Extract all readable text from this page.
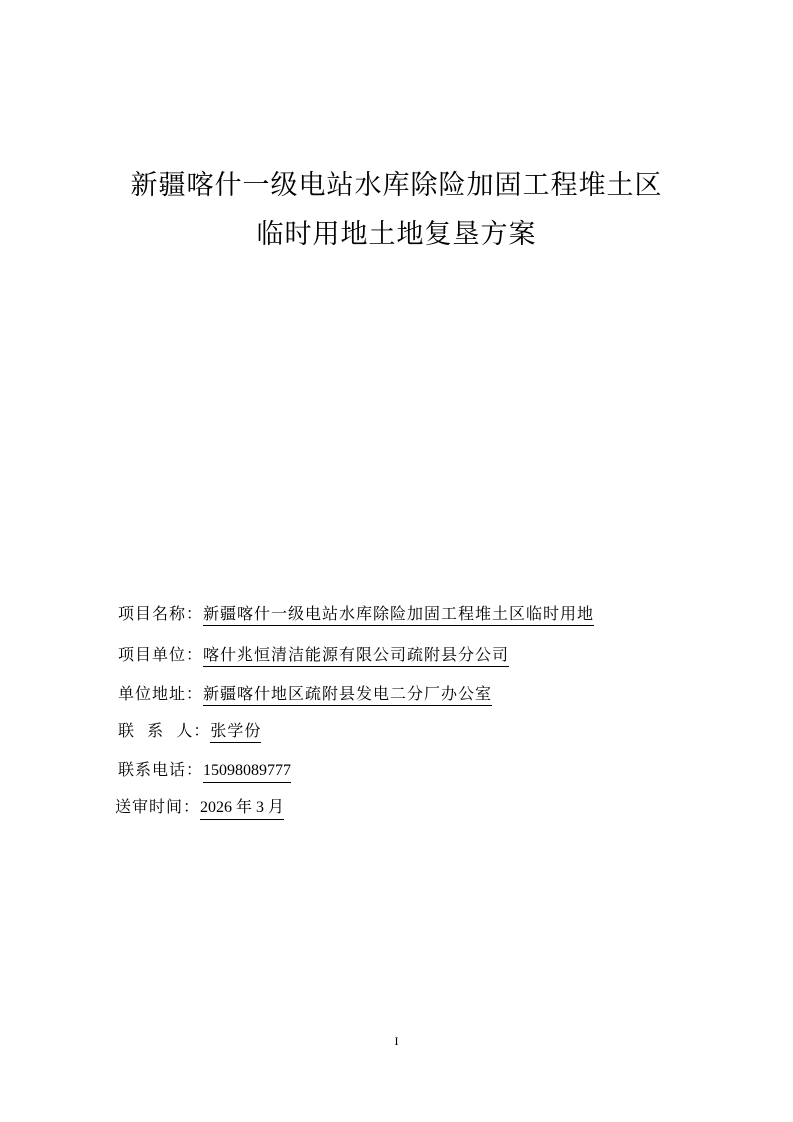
新疆喀什一级电站水库除险加固工程堆土区
临时用地土地复垦方案
项目名称：新疆喀什一级电站水库除险加固工程堆土区临时用地
项目单位：喀什兆恒清洁能源有限公司疏附县分公司
单位地址：新疆喀什地区疏附县发电二分厂办公室
联  系  人：张学份
联系电话：15098089777
送审时间：2026 年 3 月
I
